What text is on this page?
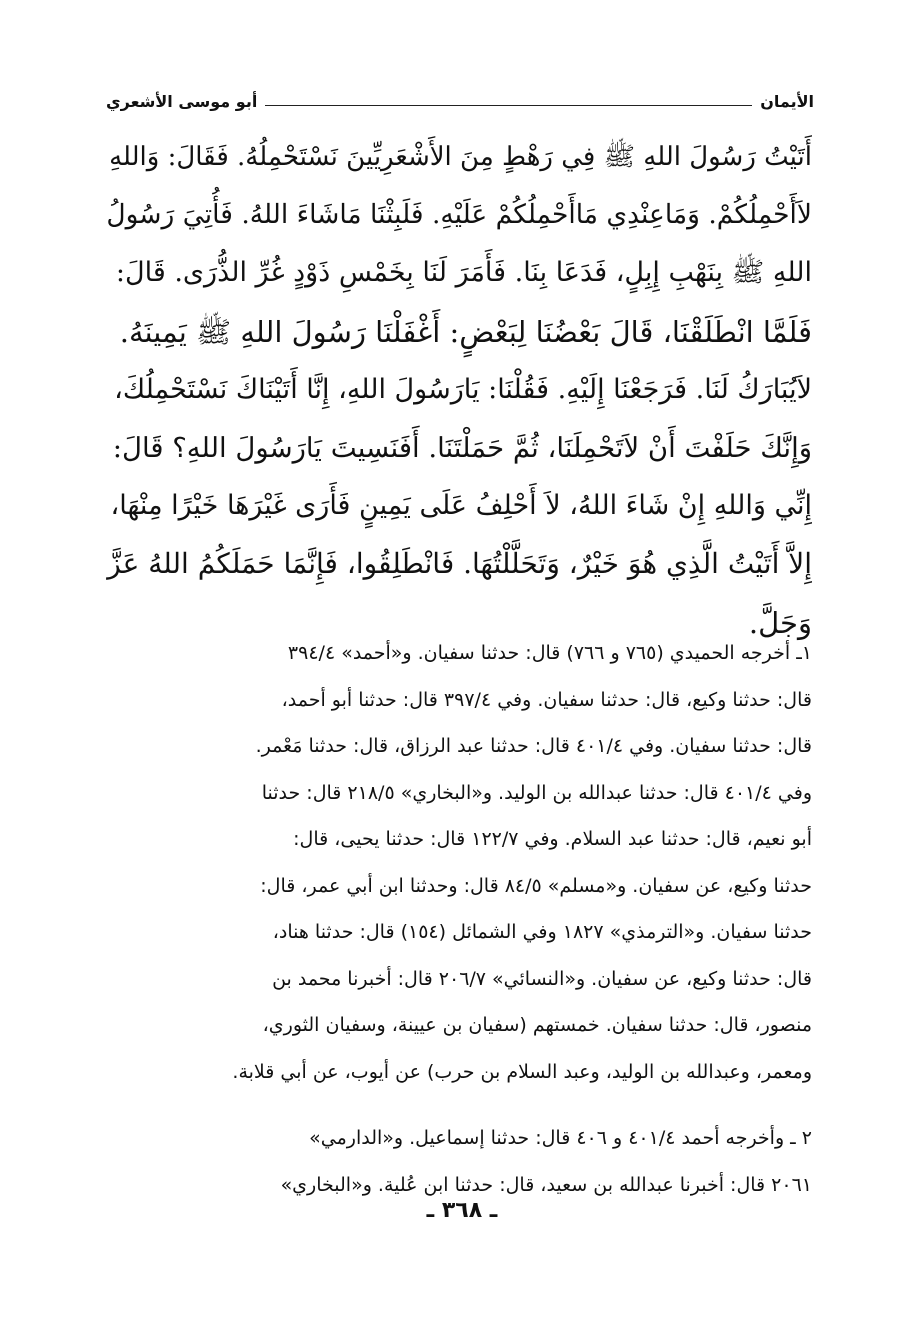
الأيمان
أبو موسى الأشعري
أَتَيْتُ رَسُولَ اللهِ ﷺ فِي رَهْطٍ مِنَ الأَشْعَرِيِّينَ نَسْتَحْمِلُهُ. فَقَالَ: وَاللهِ
لاَأَحْمِلُكُمْ. وَمَاعِنْدِي مَاأَحْمِلُكُمْ عَلَيْهِ. فَلَبِثْنَا مَاشَاءَ اللهُ. فَأُتِيَ رَسُولُ
اللهِ ﷺ بِنَهْبِ إِبِلٍ، فَدَعَا بِنَا. فَأَمَرَ لَنَا بِخَمْسِ ذَوْدٍ غُرِّ الذُّرَى. قَالَ:
فَلَمَّا انْطَلَقْنَا، قَالَ بَعْضُنَا لِبَعْضٍ: أَغْفَلْنَا رَسُولَ اللهِ ﷺ يَمِينَهُ.
لاَيُبَارَكُ لَنَا. فَرَجَعْنَا إِلَيْهِ. فَقُلْنَا: يَارَسُولَ اللهِ، إِنَّا أَتَيْنَاكَ نَسْتَحْمِلُكَ،
وَإِنَّكَ حَلَفْتَ أَنْ لاَتَحْمِلَنَا، ثُمَّ حَمَلْتَنَا. أَفَنَسِيتَ يَارَسُولَ اللهِ؟ قَالَ:
إِنِّي وَاللهِ إِنْ شَاءَ اللهُ، لاَ أَحْلِفُ عَلَى يَمِينٍ فَأَرَى غَيْرَهَا خَيْرًا مِنْهَا،
إِلاَّ أَتَيْتُ الَّذِي هُوَ خَيْرٌ، وَتَحَلَّلْتُهَا. فَانْطَلِقُوا، فَإِنَّمَا حَمَلَكُمُ اللهُ عَزَّ
وَجَلَّ.
١ـ أخرجه الحميدي (٧٦٥ و ٧٦٦) قال: حدثنا سفيان. و«أحمد» ٣٩٤/٤
قال: حدثنا وكيع، قال: حدثنا سفيان. وفي ٣٩٧/٤ قال: حدثنا أبو أحمد،
قال: حدثنا سفيان. وفي ٤٠١/٤ قال: حدثنا عبد الرزاق، قال: حدثنا مَعْمر.
وفي ٤٠١/٤ قال: حدثنا عبدالله بن الوليد. و«البخاري» ٢١٨/٥ قال: حدثنا
أبو نعيم، قال: حدثنا عبد السلام. وفي ١٢٢/٧ قال: حدثنا يحيى، قال:
حدثنا وكيع، عن سفيان. و«مسلم» ٨٤/٥ قال: وحدثنا ابن أبي عمر، قال:
حدثنا سفيان. و«الترمذي» ١٨٢٧ وفي الشمائل (١٥٤) قال: حدثنا هناد،
قال: حدثنا وكيع، عن سفيان. و«النسائي» ٢٠٦/٧ قال: أخبرنا محمد بن
منصور، قال: حدثنا سفيان. خمستهم (سفيان بن عيينة، وسفيان الثوري،
ومعمر، وعبدالله بن الوليد، وعبد السلام بن حرب) عن أيوب، عن أبي قلابة.
٢ ـ وأخرجه أحمد ٤٠١/٤ و ٤٠٦ قال: حدثنا إسماعيل. و«الدارمي»
٢٠٦١ قال: أخبرنا عبدالله بن سعيد، قال: حدثنا ابن عُلية. و«البخاري»
ـ ٣٦٨ ـ
